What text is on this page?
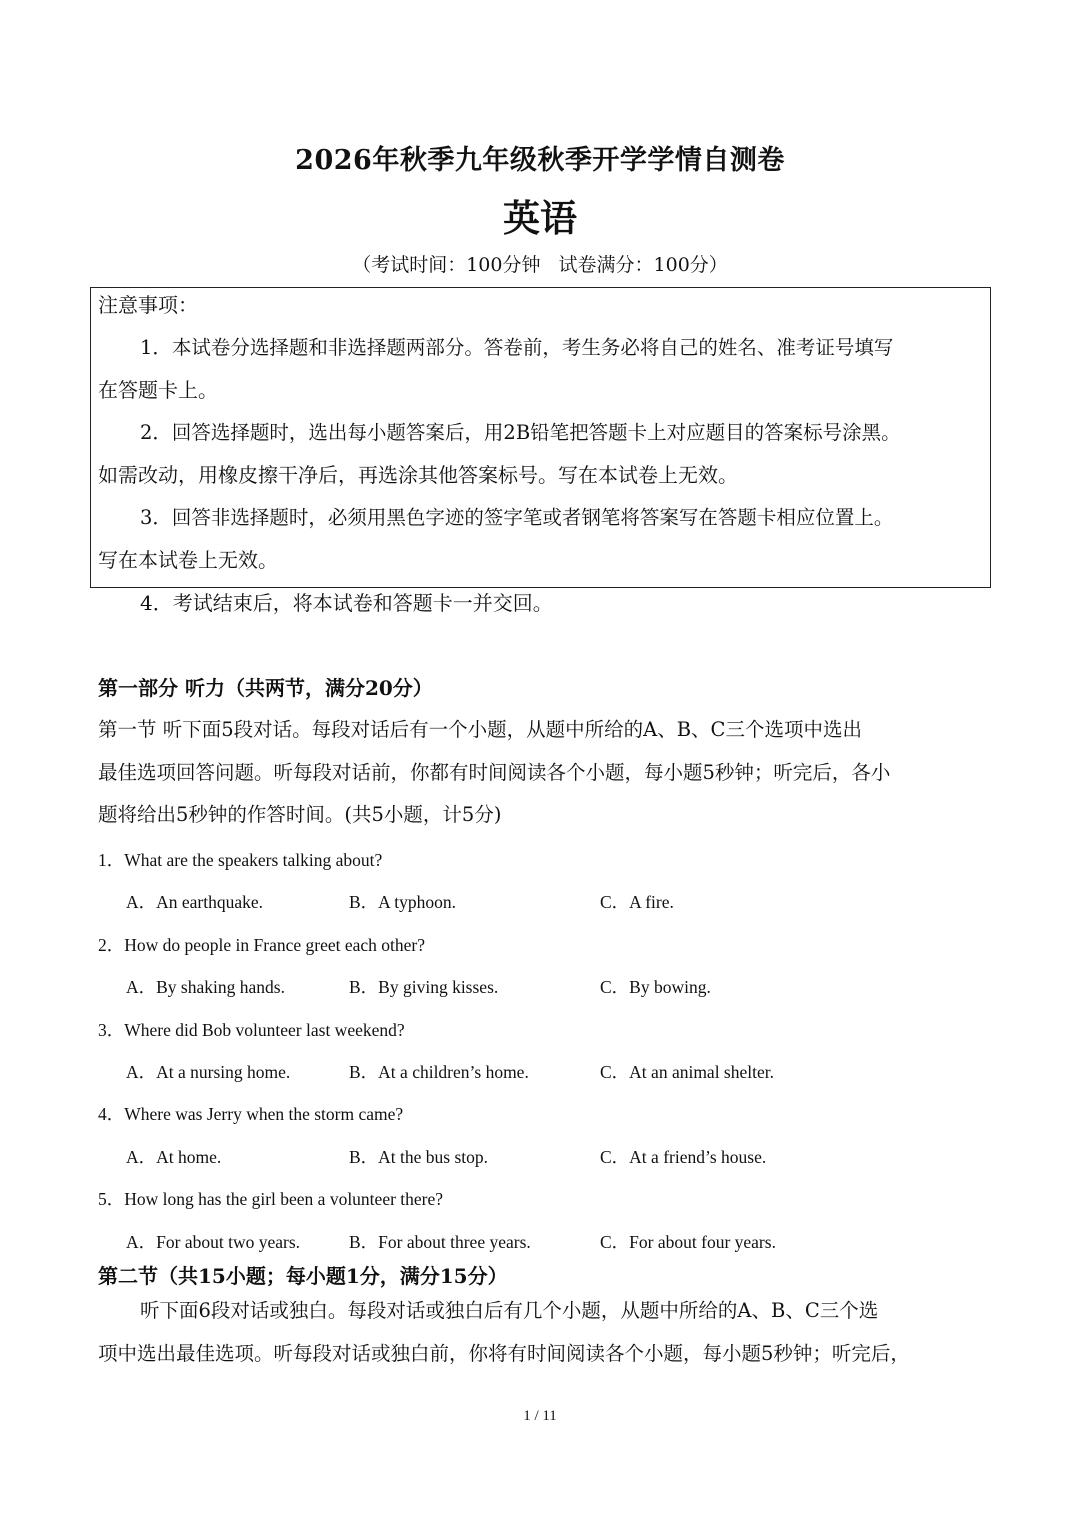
2026年秋季九年级秋季开学学情自测卷
英语
（考试时间：100分钟 试卷满分：100分）
注意事项：
1．本试卷分选择题和非选择题两部分。答卷前，考生务必将自己的姓名、准考证号填写
在答题卡上。
2．回答选择题时，选出每小题答案后，用2B铅笔把答题卡上对应题目的答案标号涂黑。
如需改动，用橡皮擦干净后，再选涂其他答案标号。写在本试卷上无效。
3．回答非选择题时，必须用黑色字迹的签字笔或者钢笔将答案写在答题卡相应位置上。
写在本试卷上无效。
4．考试结束后，将本试卷和答题卡一并交回。
第一部分 听力（共两节，满分20分）
第一节 听下面5段对话。每段对话后有一个小题，从题中所给的A、B、C三个选项中选出
最佳选项回答问题。听每段对话前，你都有时间阅读各个小题，每小题5秒钟；听完后，各小
题将给出5秒钟的作答时间。(共5小题，计5分)
1．What are the speakers talking about?
A．An earthquake.	B．A typhoon.	C．A fire.
2．How do people in France greet each other?
A．By shaking hands.	B．By giving kisses.	C．By bowing.
3．Where did Bob volunteer last weekend?
A．At a nursing home.	B．At a children’s home.	C．At an animal shelter.
4．Where was Jerry when the storm came?
A．At home.	B．At the bus stop.	C．At a friend’s house.
5．How long has the girl been a volunteer there?
A．For about two years.	B．For about three years.	C．For about four years.
第二节（共15小题；每小题1分，满分15分）
听下面6段对话或独白。每段对话或独白后有几个小题，从题中所给的A、B、C三个选
项中选出最佳选项。听每段对话或独白前，你将有时间阅读各个小题，每小题5秒钟；听完后，
1 / 11
